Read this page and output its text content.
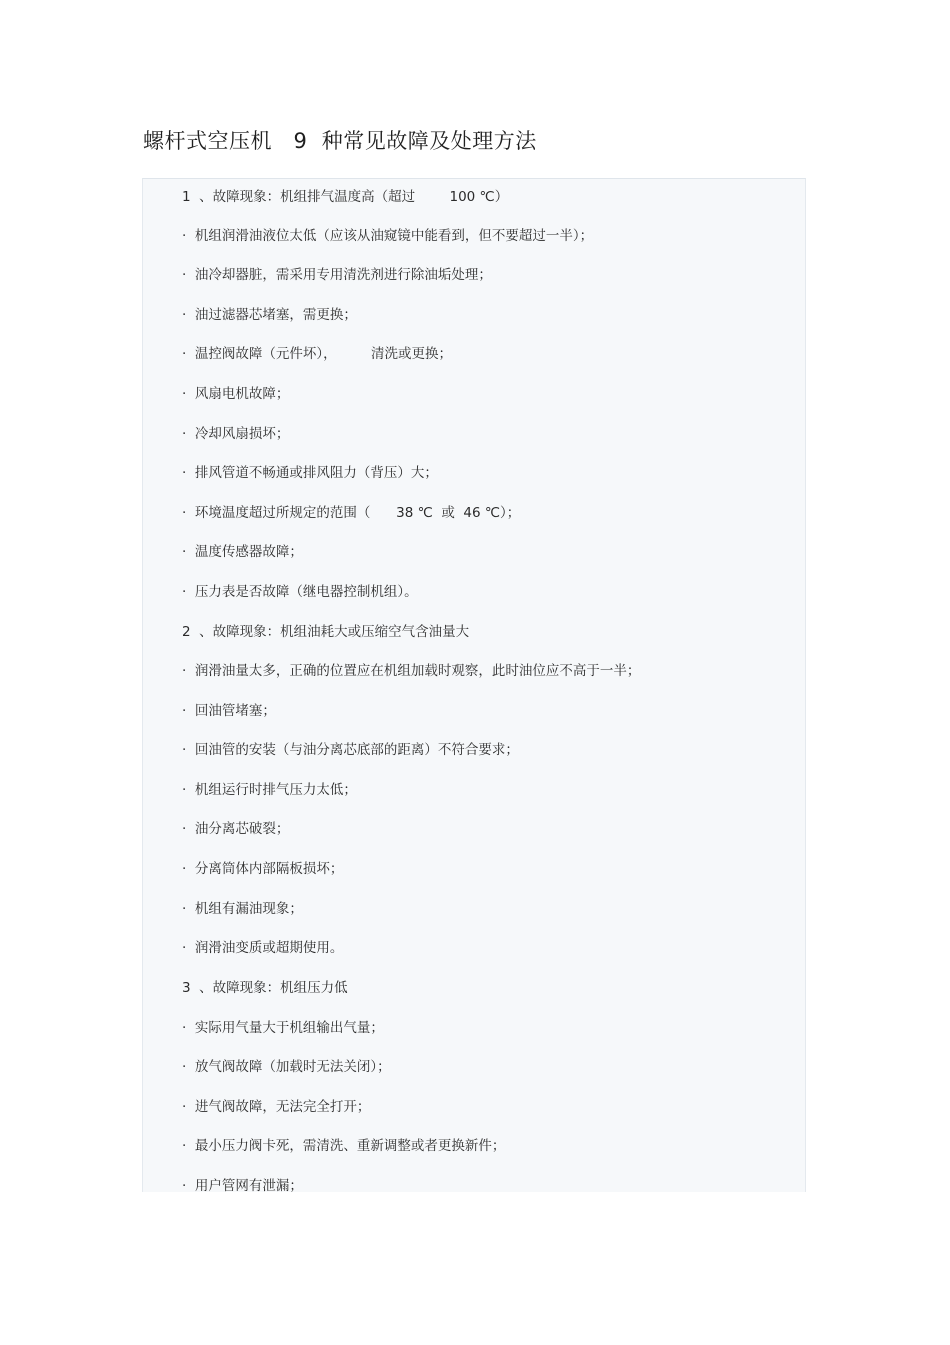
螺杆式空压机   9  种常见故障及处理方法
1  、故障现象：机组排气温度高（超过        100 ℃）
·  机组润滑油液位太低（应该从油窥镜中能看到，但不要超过一半）；
·  油冷却器脏，需采用专用清洗剂进行除油垢处理；
·  油过滤器芯堵塞，需更换；
·  温控阀故障（元件坏），        清洗或更换；
·  风扇电机故障；
·  冷却风扇损坏；
·  排风管道不畅通或排风阻力（背压）大；
·  环境温度超过所规定的范围（      38 ℃  或  46 ℃）；
·  温度传感器故障；
·  压力表是否故障（继电器控制机组）。
2  、故障现象：机组油耗大或压缩空气含油量大
·  润滑油量太多，正确的位置应在机组加载时观察，此时油位应不高于一半；
·  回油管堵塞；
·  回油管的安装（与油分离芯底部的距离）不符合要求；
·  机组运行时排气压力太低；
·  油分离芯破裂；
·  分离筒体内部隔板损坏；
·  机组有漏油现象；
·  润滑油变质或超期使用。
3  、故障现象：机组压力低
·  实际用气量大于机组输出气量；
·  放气阀故障（加载时无法关闭）；
·  进气阀故障，无法完全打开；
·  最小压力阀卡死，需清洗、重新调整或者更换新件；
·  用户管网有泄漏；
